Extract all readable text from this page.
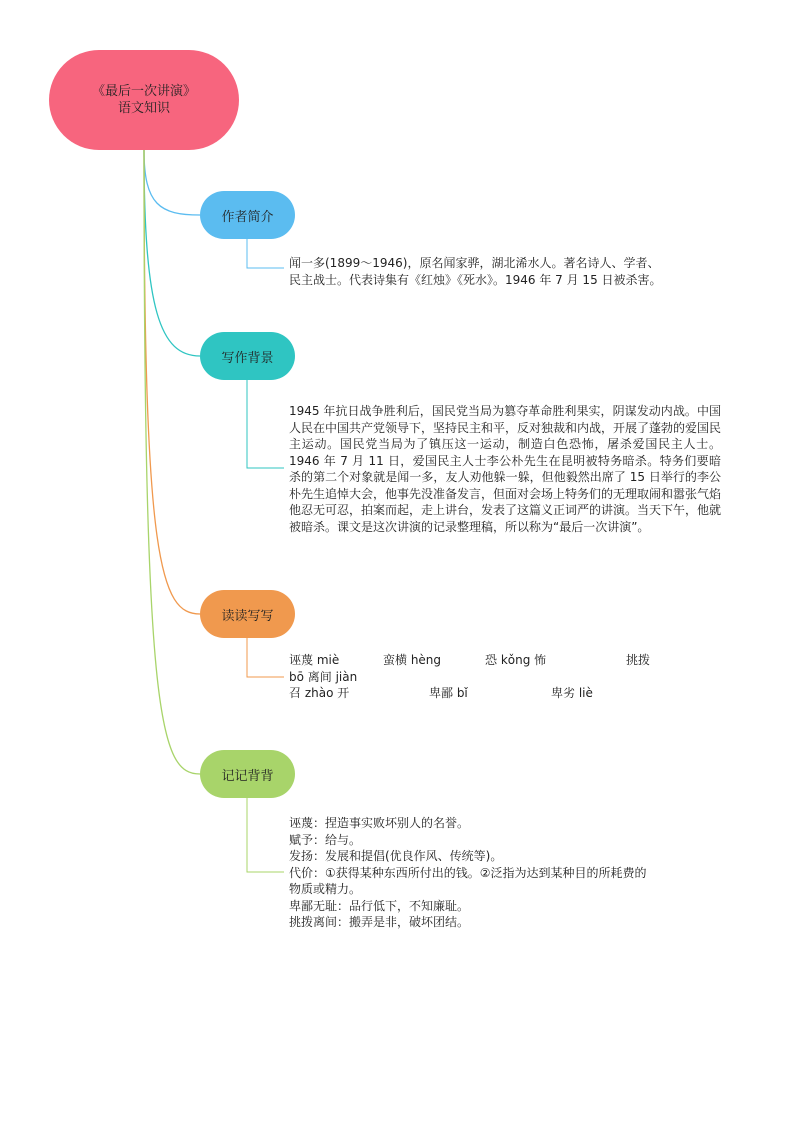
《最后一次讲演》
语文知识
作者简介
写作背景
读读写写
记记背背

闻一多(1899～1946)，原名闻家骅，湖北浠水人。著名诗人、学者、

民主战士。代表诗集有《红烛》《死水》。1946 年 7 月 15 日被杀害。

1945 年抗日战争胜利后，国民党当局为篡夺革命胜利果实，阴谋发动内战。中国人民在中国共产党领导下，坚持民主和平，反对独裁和内战，开展了蓬勃的爱国民主运动。国民党当局为了镇压这一运动，制造白色恐怖，屠杀爱国民主人士。1946 年 7 月 11 日，爱国民主人士李公朴先生在昆明被特务暗杀。特务们要暗杀的第二个对象就是闻一多，友人劝他躲一躲，但他毅然出席了 15 日举行的李公朴先生追悼大会，他事先没准备发言，但面对会场上特务们的无理取闹和嚣张气焰他忍无可忍，拍案而起，走上讲台，发表了这篇义正词严的讲演。当天下午，他就被暗杀。课文是这次讲演的记录整理稿，所以称为“最后一次讲演”。

诬蔑 miè	蛮横 hèng	恐 kǒng 怖	挑拨
bō 离间 jiàn
召 zhào 开	卑鄙 bǐ	卑劣 liè

诬蔑：捏造事实败坏别人的名誉。

赋予：给与。

发扬：发展和提倡(优良作风、传统等)。

代价：①获得某种东西所付出的钱。②泛指为达到某种目的所耗费的

物质或精力。

卑鄙无耻：品行低下，不知廉耻。

挑拨离间：搬弄是非，破坏团结。
